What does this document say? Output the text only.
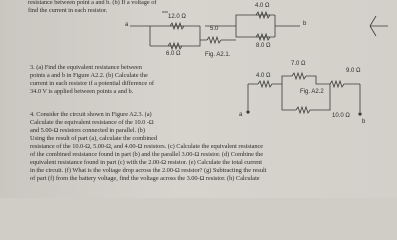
resistance between point a and b. (b) If a voltage of
find the current in each resistor.
12.0 Ω
4.0 Ω
5.0
6.0 Ω
8.0 Ω
a	b
Fig. A2.1.
3. (a) Find the equivalent resistance between
points a and b in Figure A2.2. (b) Calculate the
current in each resistor if a potential difference of
34.0 V is applied between points a and b.
4.0 Ω
7.0 Ω
9.0 Ω
10.0 Ω
Fig. A2.2
a
b
4. Consider the circuit shown in Figure A2.3. (a)
Calculate the equivalent resistance of the 10.0 -Ω
and 5.00-Ω resistors connected in parallel. (b)
Using the result of part (a), calculate the combined
resistance of the 10.0-Ω, 5.00-Ω, and 4.00-Ω resistors. (c) Calculate the equivalent resistance
of the combined resistance found in part (b) and the parallel 3.00-Ω resistor. (d) Combine the
equivalent resistance found in part (c) with the 2.00-Ω resistor. (e) Calculate the total current
in the circuit. (f) What is the voltage drop across the 2.00-Ω resistor? (g) Subtracting the result
of part (f) from the battery voltage, find the voltage across the 3.00-Ω resistor. (h) Calculate
